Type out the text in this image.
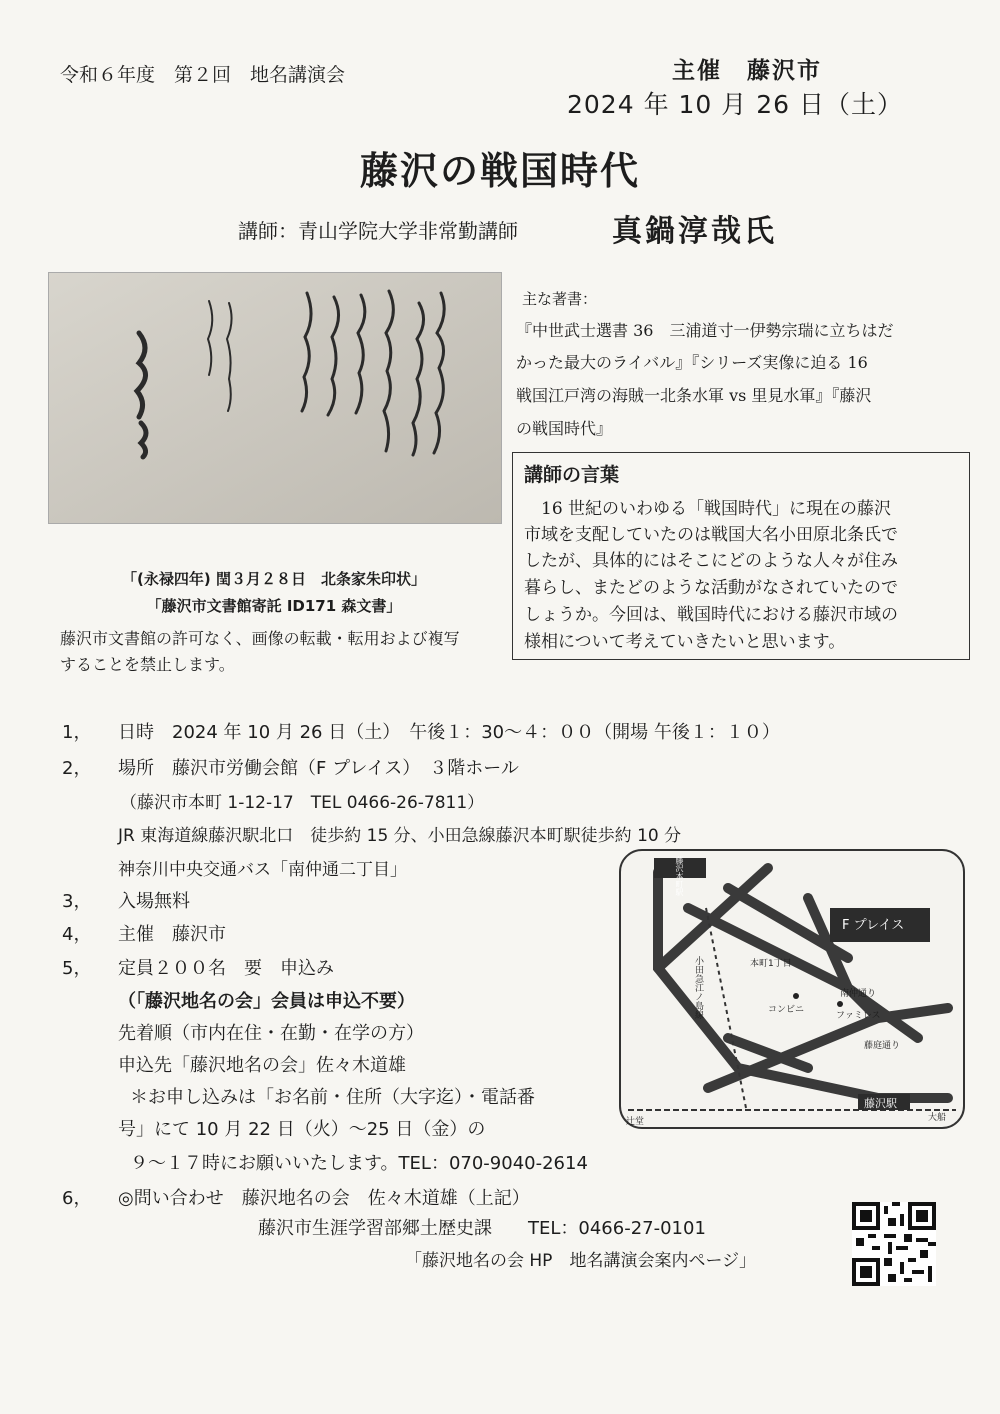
令和６年度　第２回　地名講演会	主催　藤沢市
2024 年 10 月 26 日（土）
藤沢の戦国時代
講師：青山学院大学非常勤講師	真鍋淳哉氏
「(永禄四年) 閏３月２８日　北条家朱印状」
「藤沢市文書館寄託 ID171 森文書」
藤沢市文書館の許可なく、画像の転載・転用および複写
することを禁止します。
主な著書：
『中世武士選書 36　三浦道寸一伊勢宗瑞に立ちはだ
かった最大のライバル』『シリーズ実像に迫る 16
戦国江戸湾の海賊一北条水軍 vs 里見水軍』『藤沢
の戦国時代』
講師の言葉
　16 世紀のいわゆる「戦国時代」に現在の藤沢
市域を支配していたのは戦国大名小田原北条氏で
したが、具体的にはそこにどのような人々が住み
暮らし、またどのような活動がなされていたので
しょうか。今回は、戦国時代における藤沢市域の
様相について考えていきたいと思います。
1， 日時　2024 年 10 月 26 日（土）　午後１：30〜４：００（開場 午後１：１０）
2， 場所　藤沢市労働会館（F プレイス）　３階ホール
（藤沢市本町 1-12-17　TEL 0466-26-7811）
JR 東海道線藤沢駅北口　徒歩約 15 分、小田急線藤沢本町駅徒歩約 10 分
神奈川中央交通バス「南仲通二丁目」
3， 入場無料
4， 主催　藤沢市
5， 定員２００名　要　申込み
（「藤沢地名の会」会員は申込不要）
先着順（市内在住・在勤・在学の方）
申込先「藤沢地名の会」佐々木道雄
＊お申し込みは「お名前・住所（大字迄）・電話番
号」にて 10 月 22 日（火）〜25 日（金）の
９〜１７時にお願いいたします。TEL：070-9040-2614
6， ◎問い合わせ　藤沢地名の会　佐々木道雄（上記）
藤沢市生涯学習部郷土歴史課　　TEL：0466-27-0101
「藤沢地名の会 HP　地名講演会案内ページ」
F プレイス
藤沢駅
コンビニ
ファミレス
南仲通り
藤庭通り
本町1丁目
辻堂	大船
小田急江ノ島線
藤沢本町駅
